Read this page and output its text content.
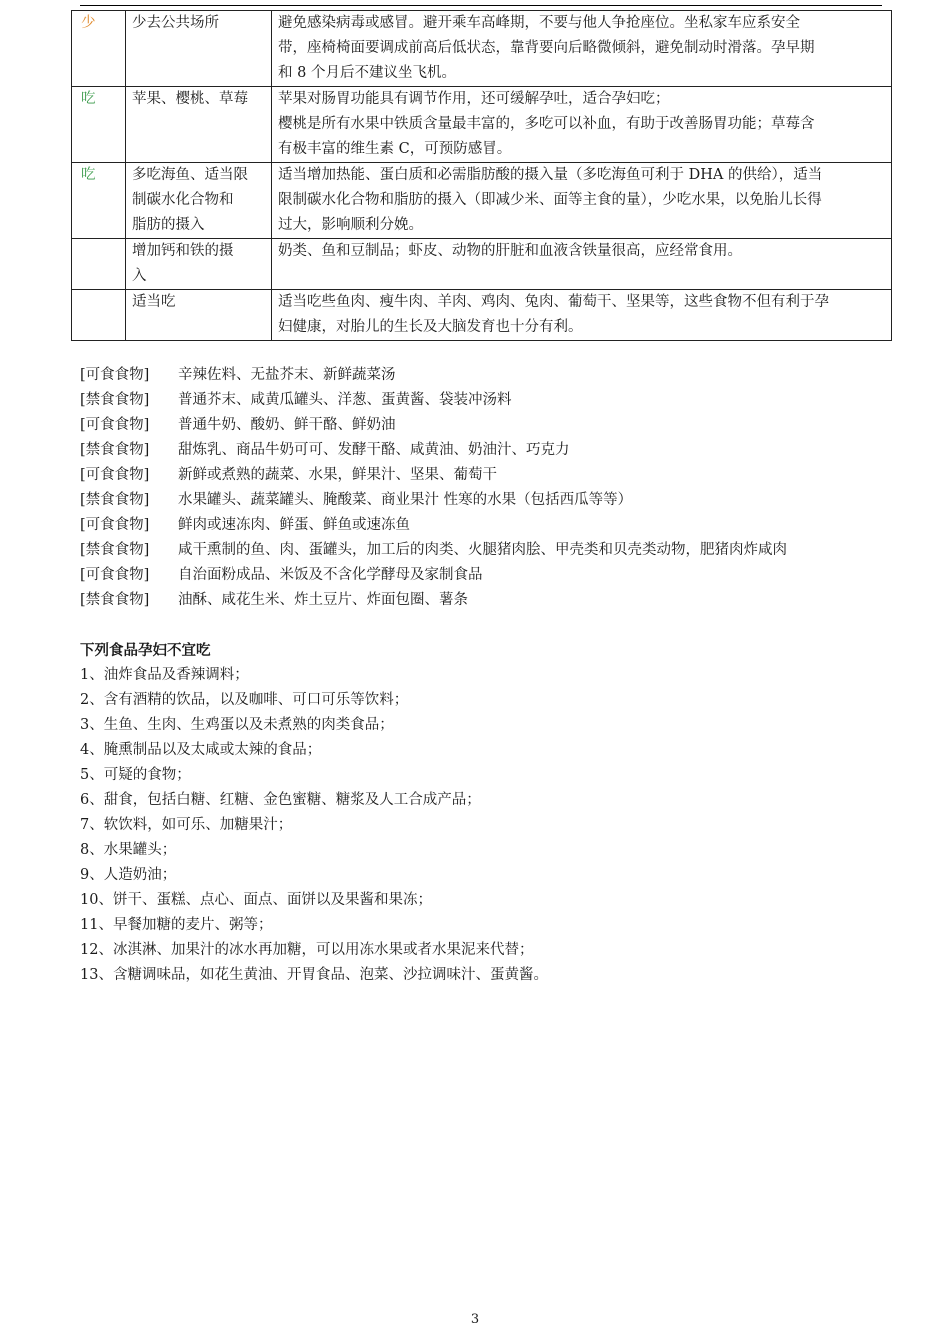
少	少去公共场所	避免感染病毒或感冒。避开乘车高峰期，不要与他人争抢座位。坐私家车应系安全
带，座椅椅面要调成前高后低状态，靠背要向后略微倾斜，避免制动时滑落。孕早期
和 8 个月后不建议坐飞机。

吃	苹果、樱桃、草莓	苹果对肠胃功能具有调节作用，还可缓解孕吐，适合孕妇吃；
樱桃是所有水果中铁质含量最丰富的，多吃可以补血，有助于改善肠胃功能；草莓含
有极丰富的维生素 C，可预防感冒。

吃	多吃海鱼、适当限
制碳水化合物和
脂肪的摄入	适当增加热能、蛋白质和必需脂肪酸的摄入量（多吃海鱼可利于 DHA 的供给），适当
限制碳水化合物和脂肪的摄入（即减少米、面等主食的量），少吃水果，以免胎儿长得
过大，影响顺利分娩。

	增加钙和铁的摄
入	奶类、鱼和豆制品；虾皮、动物的肝脏和血液含铁量很高，应经常食用。

	适当吃	适当吃些鱼肉、瘦牛肉、羊肉、鸡肉、兔肉、葡萄干、坚果等，这些食物不但有利于孕
妇健康，对胎儿的生长及大脑发育也十分有利。
[可食食物]	辛辣佐料、无盐芥末、新鲜蔬菜汤
[禁食食物]	普通芥末、咸黄瓜罐头、洋葱、蛋黄酱、袋装冲汤料
[可食食物]	普通牛奶、酸奶、鲜干酪、鲜奶油
[禁食食物]	甜炼乳、商品牛奶可可、发酵干酪、咸黄油、奶油汁、巧克力
[可食食物]	新鲜或煮熟的蔬菜、水果，鲜果汁、坚果、葡萄干
[禁食食物]	水果罐头、蔬菜罐头、腌酸菜、商业果汁 性寒的水果（包括西瓜等等）
[可食食物]	鲜肉或速冻肉、鲜蛋、鲜鱼或速冻鱼
[禁食食物]	咸干熏制的鱼、肉、蛋罐头，加工后的肉类、火腿猪肉脍、甲壳类和贝壳类动物，肥猪肉炸咸肉
[可食食物]	自治面粉成品、米饭及不含化学酵母及家制食品
[禁食食物]	油酥、咸花生米、炸土豆片、炸面包圈、薯条
下列食品孕妇不宜吃
1、油炸食品及香辣调料；
2、含有酒精的饮品，以及咖啡、可口可乐等饮料；
3、生鱼、生肉、生鸡蛋以及未煮熟的肉类食品；
4、腌熏制品以及太咸或太辣的食品；
5、可疑的食物；
6、甜食，包括白糖、红糖、金色蜜糖、糖浆及人工合成产品；
7、软饮料，如可乐、加糖果汁；
8、水果罐头；
9、人造奶油；
10、饼干、蛋糕、点心、面点、面饼以及果酱和果冻；
11、早餐加糖的麦片、粥等；
12、冰淇淋、加果汁的冰水再加糖，可以用冻水果或者水果泥来代替；
13、含糖调味品，如花生黄油、开胃食品、泡菜、沙拉调味汁、蛋黄酱。
3
